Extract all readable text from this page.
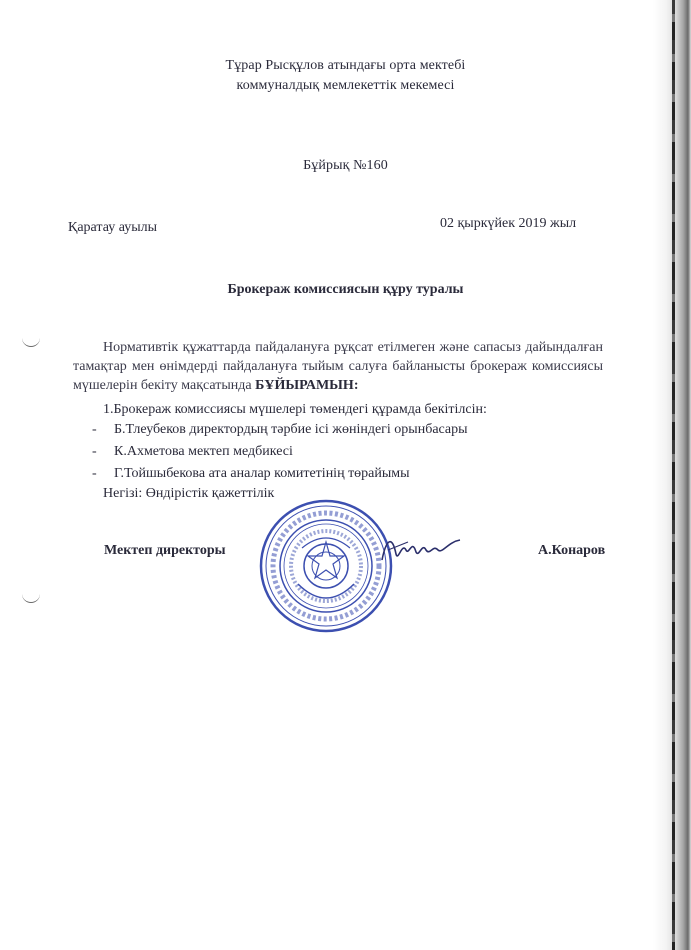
Тұрар Рысқұлов атындағы орта мектебі
коммуналдық мемлекеттік мекемесі
Бұйрық №160
Қаратау ауылы	02 қыркүйек 2019 жыл
Брокераж комиссиясын құру туралы
Нормативтік құжаттарда пайдалануға рұқсат етілмеген және сапасыз дайындалған тамақтар мен өнімдерді пайдалануға тыйым салуға байланысты брокераж комиссиясы мүшелерін бекіту мақсатында БҰЙЫРАМЫН:
1.Брокераж комиссиясы мүшелері төмендегі құрамда бекітілсін:
- Б.Тлеубеков директордың тәрбие ісі жөніндегі орынбасары
- К.Ахметова мектеп медбикесі
- Г.Тойшыбекова ата аналар комитетінің төрайымы
Негізі: Өндірістік қажеттілік
Мектеп директоры	А.Конаров
